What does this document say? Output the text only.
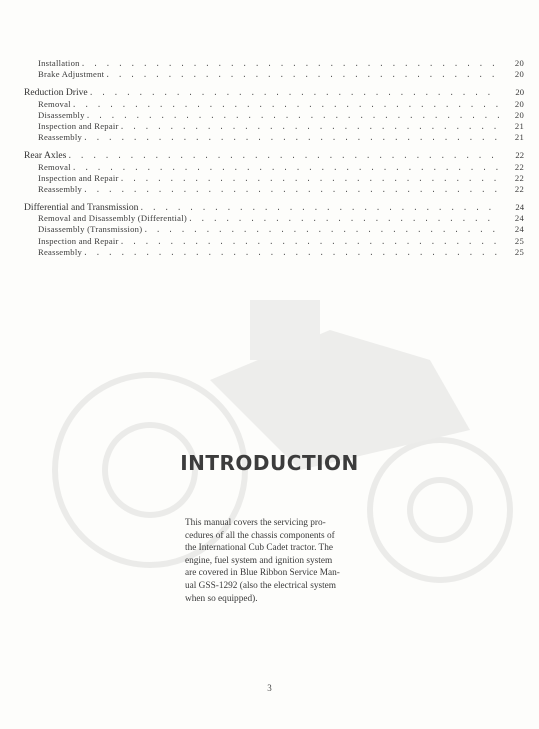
Installation . . .	20
Brake Adjustment . . .	20
Reduction Drive . . .	20
Removal . . .	20
Disassembly . . .	20
Inspection and Repair . . .	21
Reassembly . . .	21
Rear Axles . . .	22
Removal . . .	22
Inspection and Repair . . .	22
Reassembly . . .	22
Differential and Transmission . . .	24
Removal and Disassembly (Differential) . . .	24
Disassembly (Transmission) . . .	24
Inspection and Repair . . .	25
Reassembly . . .	25
INTRODUCTION

This manual covers the servicing pro-
cedures of all the chassis components of
the International Cub Cadet tractor. The
engine, fuel system and ignition system
are covered in Blue Ribbon Service Man-
ual GSS-1292 (also the electrical system
when so equipped).

3
